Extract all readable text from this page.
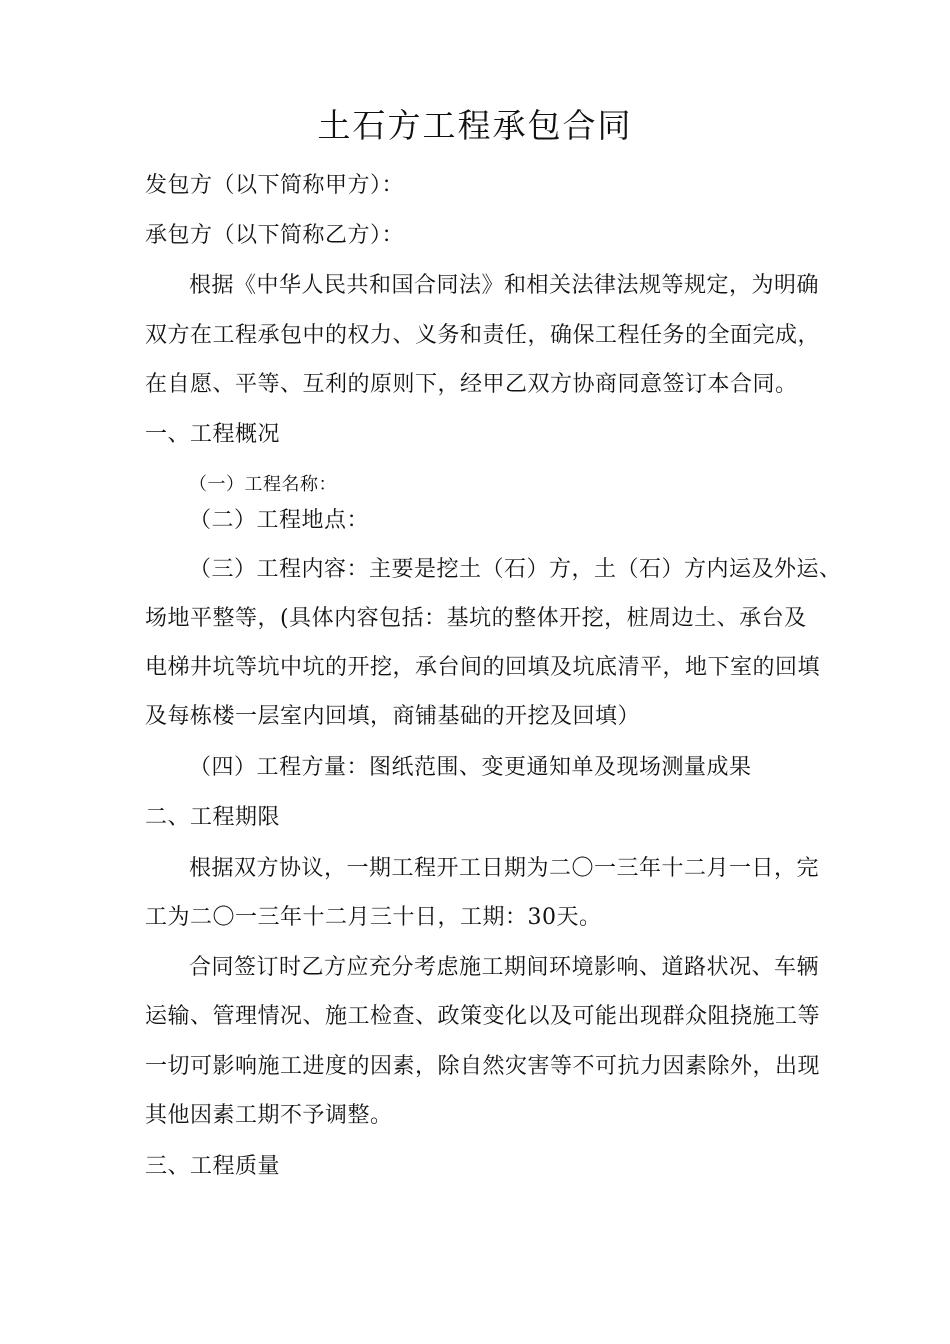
土石方工程承包合同
发包方（以下简称甲方）：
承包方（以下简称乙方）：
根据《中华人民共和国合同法》和相关法律法规等规定，为明确
双方在工程承包中的权力、义务和责任，确保工程任务的全面完成，
在自愿、平等、互利的原则下，经甲乙双方协商同意签订本合同。
一、工程概况
（一）工程名称：
（二）工程地点：
（三）工程内容：主要是挖土（石）方，土（石）方内运及外运、
场地平整等，(具体内容包括：基坑的整体开挖，桩周边土、承台及
电梯井坑等坑中坑的开挖，承台间的回填及坑底清平，地下室的回填
及每栋楼一层室内回填，商铺基础的开挖及回填）
（四）工程方量：图纸范围、变更通知单及现场测量成果
二、工程期限
根据双方协议，一期工程开工日期为二〇一三年十二月一日，完
工为二〇一三年十二月三十日，工期：30天。
合同签订时乙方应充分考虑施工期间环境影响、道路状况、车辆
运输、管理情况、施工检查、政策变化以及可能出现群众阻挠施工等
一切可影响施工进度的因素，除自然灾害等不可抗力因素除外，出现
其他因素工期不予调整。
三、工程质量
